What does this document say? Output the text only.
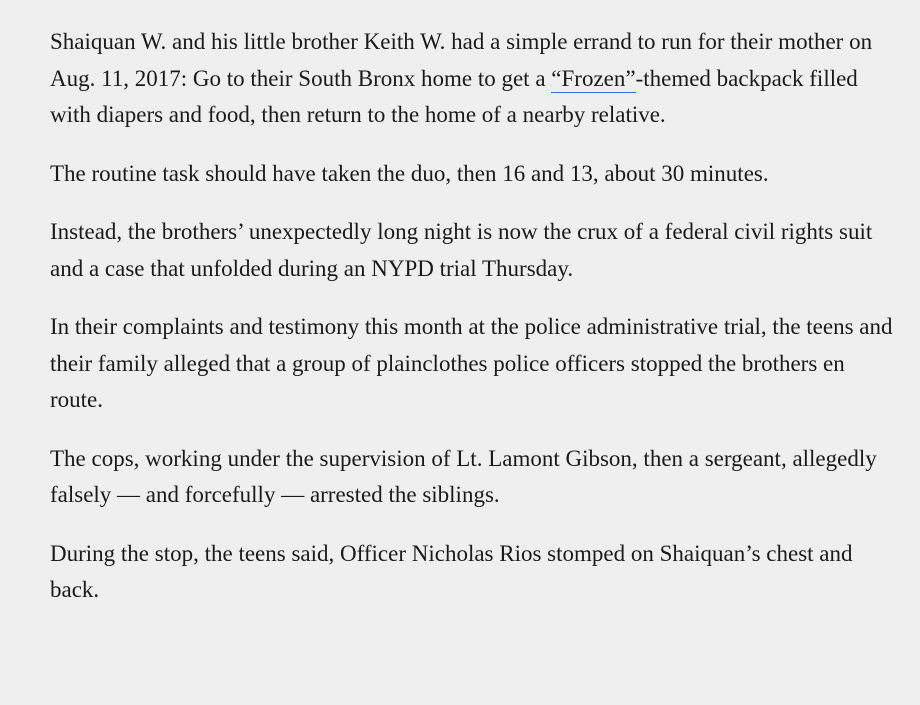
Shaiquan W. and his little brother Keith W. had a simple errand to run for their mother on Aug. 11, 2017: Go to their South Bronx home to get a “Frozen”-themed backpack filled with diapers and food, then return to the home of a nearby relative.

The routine task should have taken the duo, then 16 and 13, about 30 minutes.

Instead, the brothers’ unexpectedly long night is now the crux of a federal civil rights suit and a case that unfolded during an NYPD trial Thursday.

In their complaints and testimony this month at the police administrative trial, the teens and their family alleged that a group of plainclothes police officers stopped the brothers en route.

The cops, working under the supervision of Lt. Lamont Gibson, then a sergeant, allegedly falsely — and forcefully — arrested the siblings.

During the stop, the teens said, Officer Nicholas Rios stomped on Shaiquan’s chest and back.
